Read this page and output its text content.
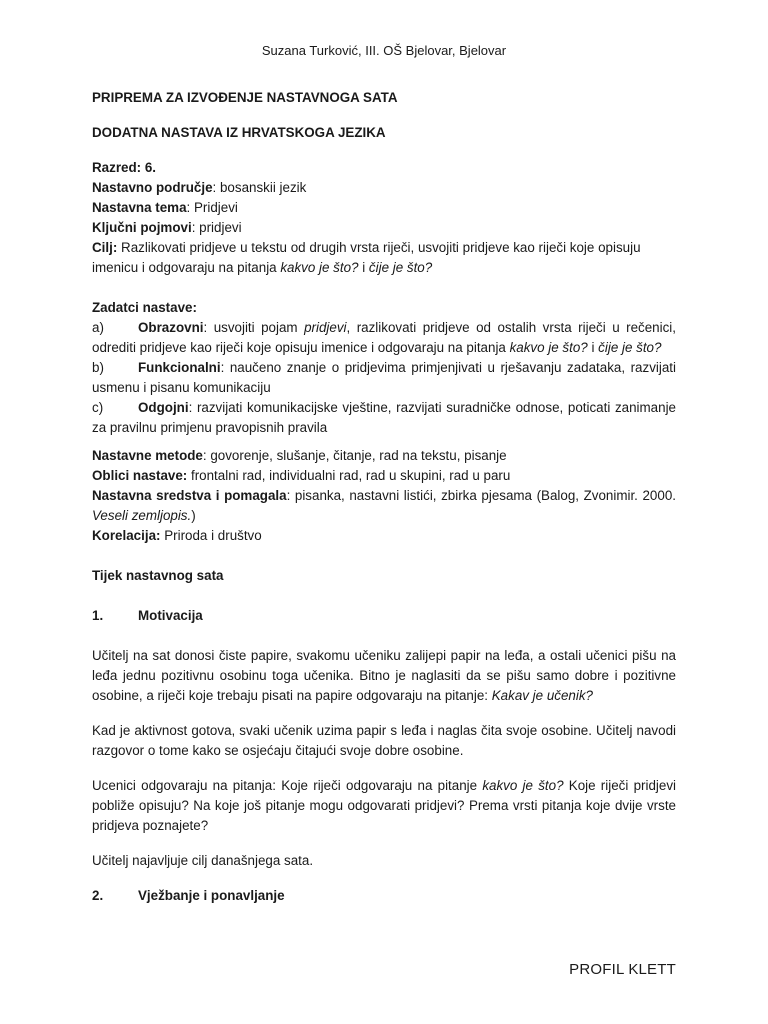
Suzana Turković, III. OŠ Bjelovar, Bjelovar

PRIPREMA ZA IZVOĐENJE NASTAVNOGA SATA

DODATNA NASTAVA IZ HRVATSKOGA JEZIKA

Razred: 6.

Nastavno područje: bosanskii jezik

Nastavna tema: Pridjevi

Ključni pojmovi: pridjevi

Cilj: Razlikovati pridjeve u tekstu od drugih vrsta riječi, usvojiti pridjeve kao riječi koje opisuju imenicu i odgovaraju na pitanja kakvo je što? i čije je što?

Zadatci nastave:

a)	Obrazovni: usvojiti pojam pridjevi, razlikovati pridjeve od ostalih vrsta riječi u rečenici, odrediti pridjeve kao riječi koje opisuju imenice i odgovaraju na pitanja kakvo je što? i čije je što?

b)	Funkcionalni: naučeno znanje o pridjevima primjenjivati u rješavanju zadataka, razvijati usmenu i pisanu komunikaciju

c)	Odgojni: razvijati komunikacijske vještine, razvijati suradničke odnose, poticati zanimanje za pravilnu primjenu pravopisnih pravila

Nastavne metode: govorenje, slušanje, čitanje, rad na tekstu, pisanje

Oblici nastave: frontalni rad, individualni rad, rad u skupini, rad u paru

Nastavna sredstva i pomagala: pisanka, nastavni listići, zbirka pjesama (Balog, Zvonimir. 2000. Veseli zemljopis.)

Korelacija: Priroda i društvo

Tijek nastavnog sata

1.	Motivacija

Učitelj na sat donosi čiste papire, svakomu učeniku zalijepi papir na leđa, a ostali učenici pišu na leđa jednu pozitivnu osobinu toga učenika. Bitno je naglasiti da se pišu samo dobre i pozitivne osobine, a riječi koje trebaju pisati na papire odgovaraju na pitanje: Kakav je učenik?

Kad je aktivnost gotova, svaki učenik uzima papir s leđa i naglas čita svoje osobine. Učitelj navodi razgovor o tome kako se osjećaju čitajući svoje dobre osobine.

Ucenici odgovaraju na pitanja: Koje riječi odgovaraju na pitanje kakvo je što? Koje riječi pridjevi pobliže opisuju? Na koje još pitanje mogu odgovarati pridjevi? Prema vrsti pitanja koje dvije vrste pridjeva poznajete?

Učitelj najavljuje cilj današnjega sata.

2.	Vježbanje i ponavljanje

PROFIL KLETT
